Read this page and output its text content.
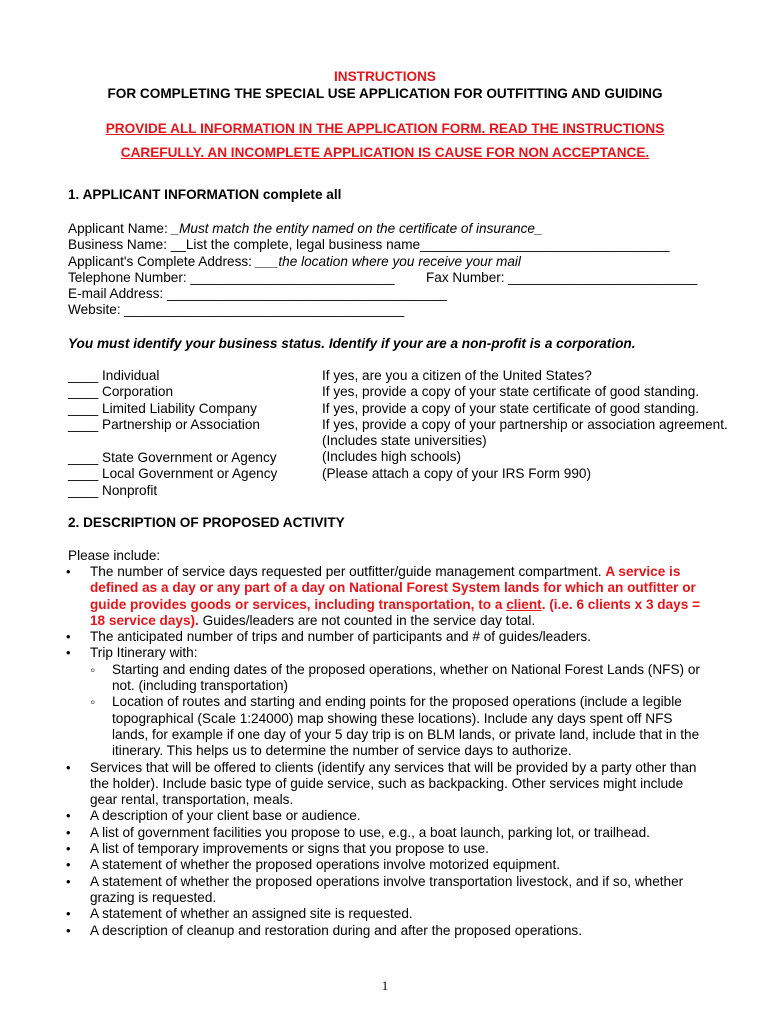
INSTRUCTIONS
FOR COMPLETING THE SPECIAL USE APPLICATION FOR OUTFITTING AND GUIDING
PROVIDE ALL INFORMATION IN THE APPLICATION FORM. READ THE INSTRUCTIONS
CAREFULLY. AN INCOMPLETE APPLICATION IS CAUSE FOR NON ACCEPTANCE.
1. APPLICANT INFORMATION complete all
Applicant Name: _Must match the entity named on the certificate of insurance_
Business Name: __List the complete, legal business name_________________________________
Applicant's Complete Address: ___the location where you receive your mail
Telephone Number: ___________________________ Fax Number: _________________________
E-mail Address: _____________________________________
Website: _____________________________________
You must identify your business status. Identify if your are a non-profit is a corporation.
____ Individual
____ Corporation
____ Limited Liability Company
____ Partnership or Association
____ State Government or Agency
____ Local Government or Agency
____ Nonprofit
If yes, are you a citizen of the United States?
If yes, provide a copy of your state certificate of good standing.
If yes, provide a copy of your state certificate of good standing.
If yes, provide a copy of your partnership or association agreement.
(Includes state universities)
(Includes high schools)
(Please attach a copy of your IRS Form 990)
2. DESCRIPTION OF PROPOSED ACTIVITY
Please include:
• The number of service days requested per outfitter/guide management compartment. A service is defined as a day or any part of a day on National Forest System lands for which an outfitter or guide provides goods or services, including transportation, to a client. (i.e. 6 clients x 3 days = 18 service days). Guides/leaders are not counted in the service day total.
• The anticipated number of trips and number of participants and # of guides/leaders.
• Trip Itinerary with:
∘ Starting and ending dates of the proposed operations, whether on National Forest Lands (NFS) or not. (including transportation)
∘ Location of routes and starting and ending points for the proposed operations (include a legible topographical (Scale 1:24000) map showing these locations). Include any days spent off NFS lands, for example if one day of your 5 day trip is on BLM lands, or private land, include that in the itinerary. This helps us to determine the number of service days to authorize.
• Services that will be offered to clients (identify any services that will be provided by a party other than the holder). Include basic type of guide service, such as backpacking. Other services might include gear rental, transportation, meals.
• A description of your client base or audience.
• A list of government facilities you propose to use, e.g., a boat launch, parking lot, or trailhead.
• A list of temporary improvements or signs that you propose to use.
• A statement of whether the proposed operations involve motorized equipment.
• A statement of whether the proposed operations involve transportation livestock, and if so, whether grazing is requested.
• A statement of whether an assigned site is requested.
• A description of cleanup and restoration during and after the proposed operations.
1
